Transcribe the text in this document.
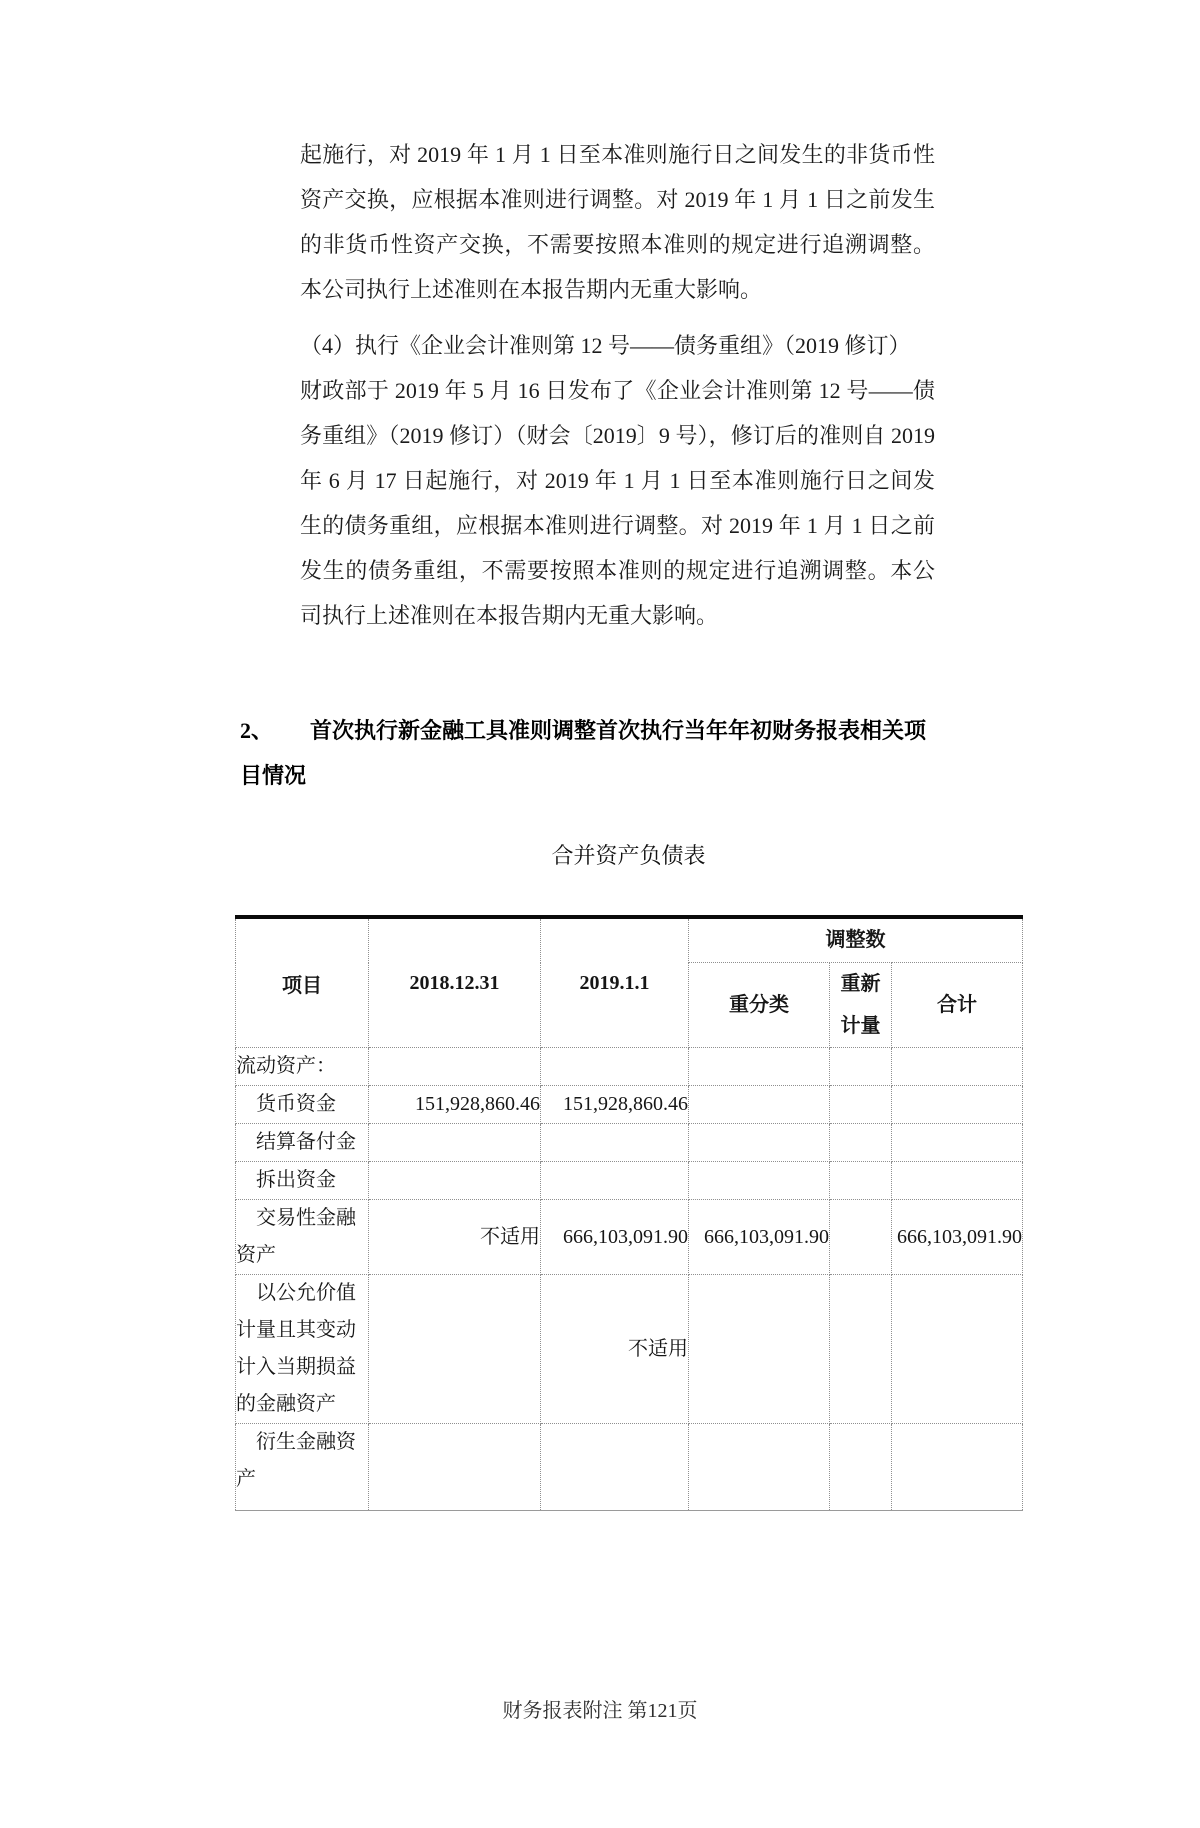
起施行，对 2019 年 1 月 1 日至本准则施行日之间发生的非货币性资产交换，应根据本准则进行调整。对 2019 年 1 月 1 日之前发生的非货币性资产交换，不需要按照本准则的规定进行追溯调整。本公司执行上述准则在本报告期内无重大影响。
（4）执行《企业会计准则第 12 号——债务重组》（2019 修订）
财政部于 2019 年 5 月 16 日发布了《企业会计准则第 12 号——债务重组》（2019 修订）（财会〔2019〕9 号），修订后的准则自 2019 年 6 月 17 日起施行，对 2019 年 1 月 1 日至本准则施行日之间发生的债务重组，应根据本准则进行调整。对 2019 年 1 月 1 日之前发生的债务重组，不需要按照本准则的规定进行追溯调整。本公司执行上述准则在本报告期内无重大影响。
2、 首次执行新金融工具准则调整首次执行当年年初财务报表相关项目情况
合并资产负债表
项目	2018.12.31	2019.1.1	调整数		
			重分类	重新计量	合计
流动资产：					
货币资金	151,928,860.46	151,928,860.46			
结算备付金					
拆出资金					
交易性金融资产	不适用	666,103,091.90	666,103,091.90		666,103,091.90
以公允价值计量且其变动计入当期损益的金融资产		不适用			
衍生金融资产					
财务报表附注 第121页
